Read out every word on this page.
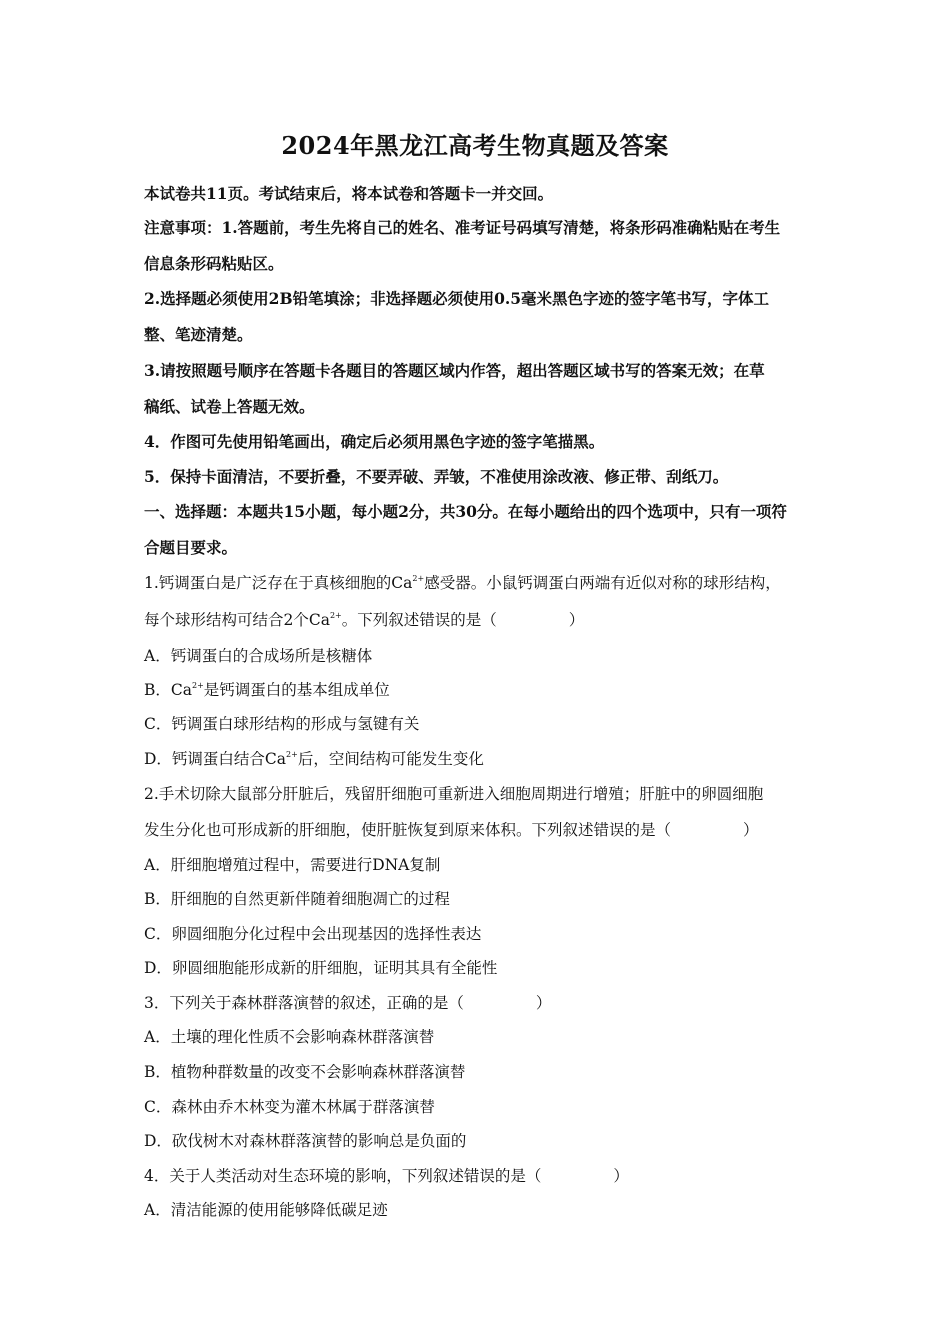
2024年黑龙江高考生物真题及答案
本试卷共11页。考试结束后，将本试卷和答题卡一并交回。
注意事项：1.答题前，考生先将自己的姓名、准考证号码填写清楚，将条形码准确粘贴在考生
信息条形码粘贴区。
2.选择题必须使用2B铅笔填涂；非选择题必须使用0.5毫米黑色字迹的签字笔书写，字体工
整、笔迹清楚。
3.请按照题号顺序在答题卡各题目的答题区域内作答，超出答题区域书写的答案无效；在草
稿纸、试卷上答题无效。
4．作图可先使用铅笔画出，确定后必须用黑色字迹的签字笔描黑。
5．保持卡面清洁，不要折叠，不要弄破、弄皱，不准使用涂改液、修正带、刮纸刀。
一、选择题：本题共15小题，每小题2分，共30分。在每小题给出的四个选项中，只有一项符
合题目要求。
1.钙调蛋白是广泛存在于真核细胞的$Ca^{2+}$感受器。小鼠钙调蛋白两端有近似对称的球形结构，
每个球形结构可结合2个$Ca^{2+}$。下列叙述错误的是（	）
A．钙调蛋白的合成场所是核糖体
B．$Ca^{2+}$是钙调蛋白的基本组成单位
C．钙调蛋白球形结构的形成与氢键有关
D．钙调蛋白结合$Ca^{2+}$后，空间结构可能发生变化
2.手术切除大鼠部分肝脏后，残留肝细胞可重新进入细胞周期进行增殖；肝脏中的卵圆细胞
发生分化也可形成新的肝细胞，使肝脏恢复到原来体积。下列叙述错误的是（	）
A．肝细胞增殖过程中，需要进行DNA复制
B．肝细胞的自然更新伴随着细胞凋亡的过程
C．卵圆细胞分化过程中会出现基因的选择性表达
D．卵圆细胞能形成新的肝细胞，证明其具有全能性
3．下列关于森林群落演替的叙述，正确的是（	）
A．土壤的理化性质不会影响森林群落演替
B．植物种群数量的改变不会影响森林群落演替
C．森林由乔木林变为灌木林属于群落演替
D．砍伐树木对森林群落演替的影响总是负面的
4．关于人类活动对生态环境的影响，下列叙述错误的是（	）
A．清洁能源的使用能够降低碳足迹
